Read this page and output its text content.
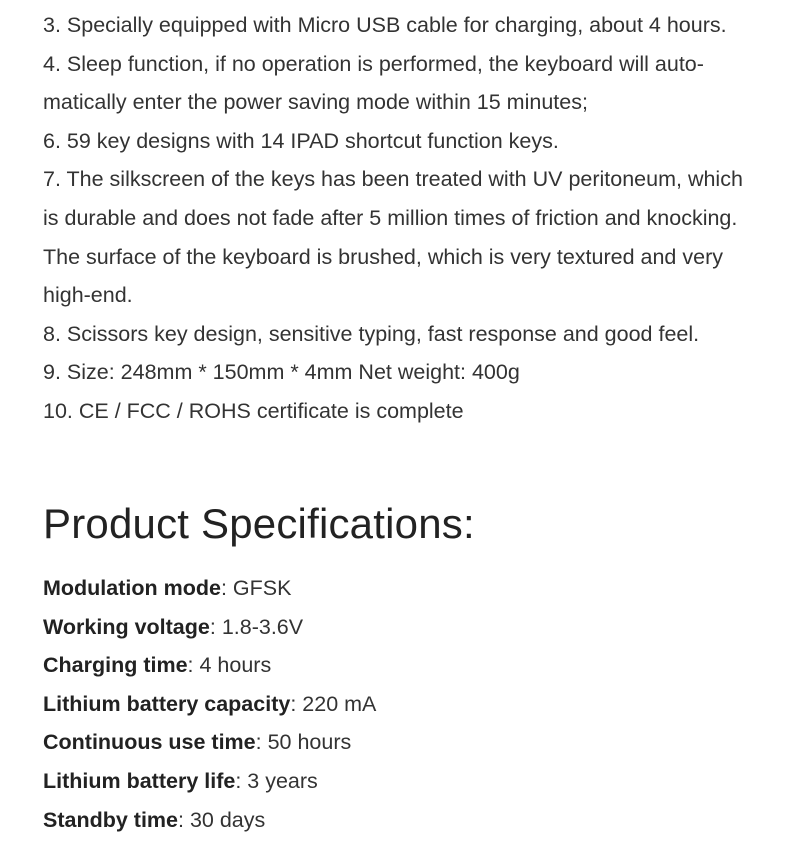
3. Specially equipped with Micro USB cable for charging, about 4 hours.
4. Sleep function, if no operation is performed, the keyboard will auto-matically enter the power saving mode within 15 minutes;
6. 59 key designs with 14 IPAD shortcut function keys.
7. The silkscreen of the keys has been treated with UV peritoneum, which is durable and does not fade after 5 million times of friction and knocking. The surface of the keyboard is brushed, which is very textured and very high-end.
8. Scissors key design, sensitive typing, fast response and good feel.
9. Size: 248mm * 150mm * 4mm Net weight: 400g
10. CE / FCC / ROHS certificate is complete
Product Specifications:
Modulation mode: GFSK
Working voltage: 1.8-3.6V
Charging time: 4 hours
Lithium battery capacity: 220 mA
Continuous use time: 50 hours
Lithium battery life: 3 years
Standby time: 30 days
